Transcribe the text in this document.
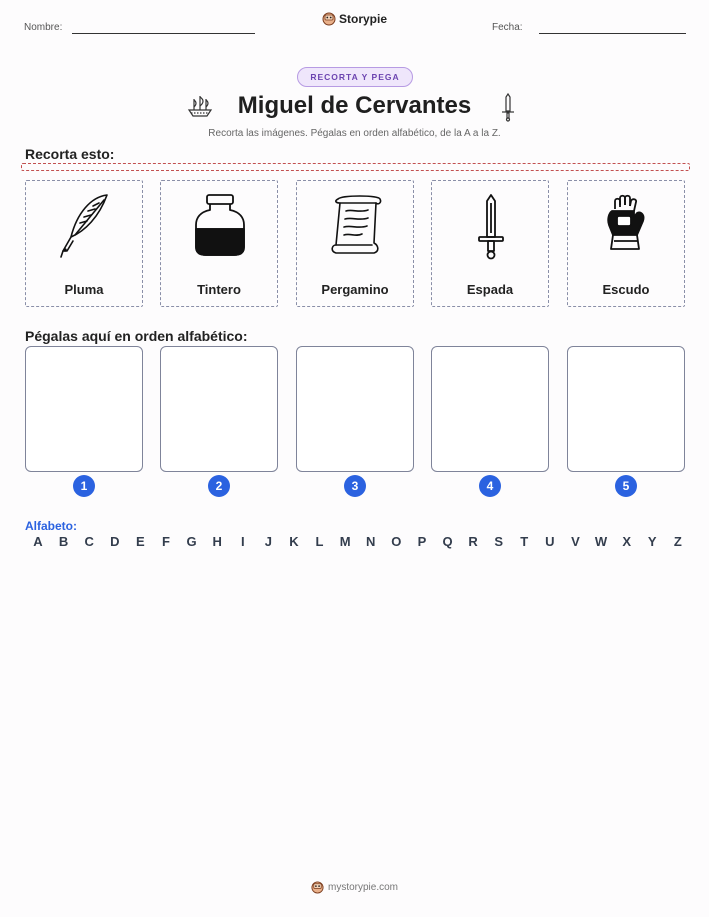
Nombre:
Storypie
Fecha:
RECORTA Y PEGA
Miguel de Cervantes
Recorta las imágenes. Pégalas en orden alfabético, de la A a la Z.
Recorta esto:
Pluma	Tintero	Pergamino	Espada	Escudo
Pégalas aquí en orden alfabético:
1	2	3	4	5
Alfabeto:
A B C D E F G H	I	J K L M N O P Q R S T U V W X Y Z
mystorypie.com
